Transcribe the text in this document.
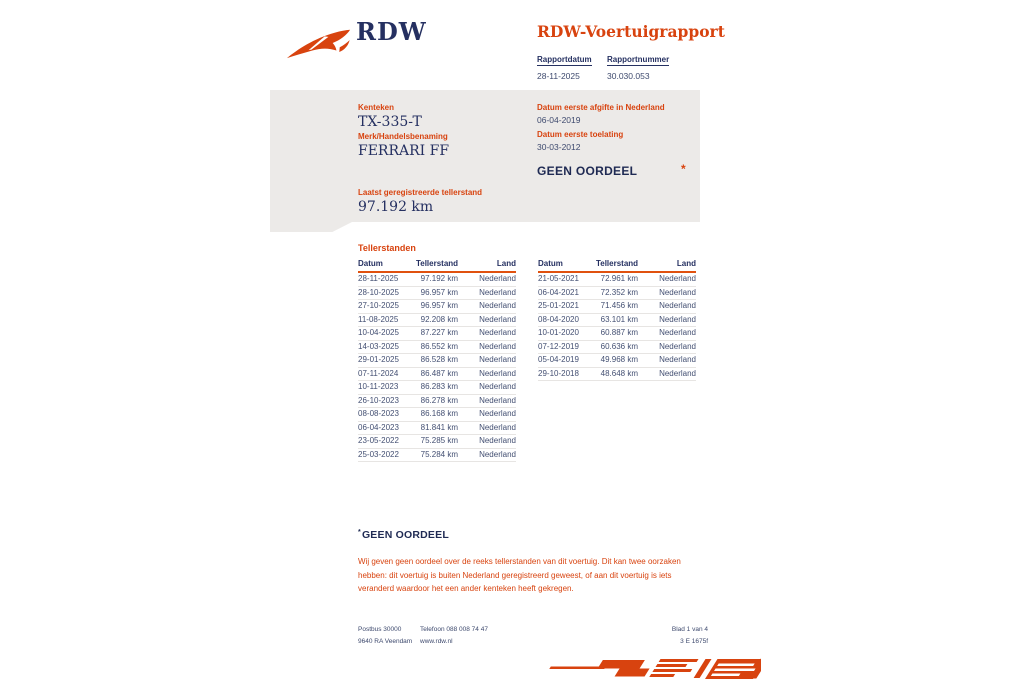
RDW	RDW-Voertuigrapport
Rapportdatum
28-11-2025
Rapportnummer
30.030.053
Kenteken
TX-335-T
Merk/Handelsbenaming
FERRARI FF
Laatst geregistreerde tellerstand
97.192 km
Datum eerste afgifte in Nederland
06-04-2019
Datum eerste toelating
30-03-2012
GEEN OORDEEL	*
Tellerstanden
Datum	Tellerstand	Land
28-11-2025	97.192 km	Nederland
28-10-2025	96.957 km	Nederland
27-10-2025	96.957 km	Nederland
11-08-2025	92.208 km	Nederland
10-04-2025	87.227 km	Nederland
14-03-2025	86.552 km	Nederland
29-01-2025	86.528 km	Nederland
07-11-2024	86.487 km	Nederland
10-11-2023	86.283 km	Nederland
26-10-2023	86.278 km	Nederland
08-08-2023	86.168 km	Nederland
06-04-2023	81.841 km	Nederland
23-05-2022	75.285 km	Nederland
25-03-2022	75.284 km	Nederland
Datum	Tellerstand	Land
21-05-2021	72.961 km	Nederland
06-04-2021	72.352 km	Nederland
25-01-2021	71.456 km	Nederland
08-04-2020	63.101 km	Nederland
10-01-2020	60.887 km	Nederland
07-12-2019	60.636 km	Nederland
05-04-2019	49.968 km	Nederland
29-10-2018	48.648 km	Nederland
*GEEN OORDEEL

Wij geven geen oordeel over de reeks tellerstanden van dit voertuig. Dit kan twee oorzaken hebben: dit voertuig is buiten Nederland geregistreerd geweest, of aan dit voertuig is iets veranderd waardoor het een ander kenteken heeft gekregen.

Postbus 30000
9640 RA Veendam
Telefoon 088 008 74 47
www.rdw.nl
Blad 1 van 4
3 E 1675f
